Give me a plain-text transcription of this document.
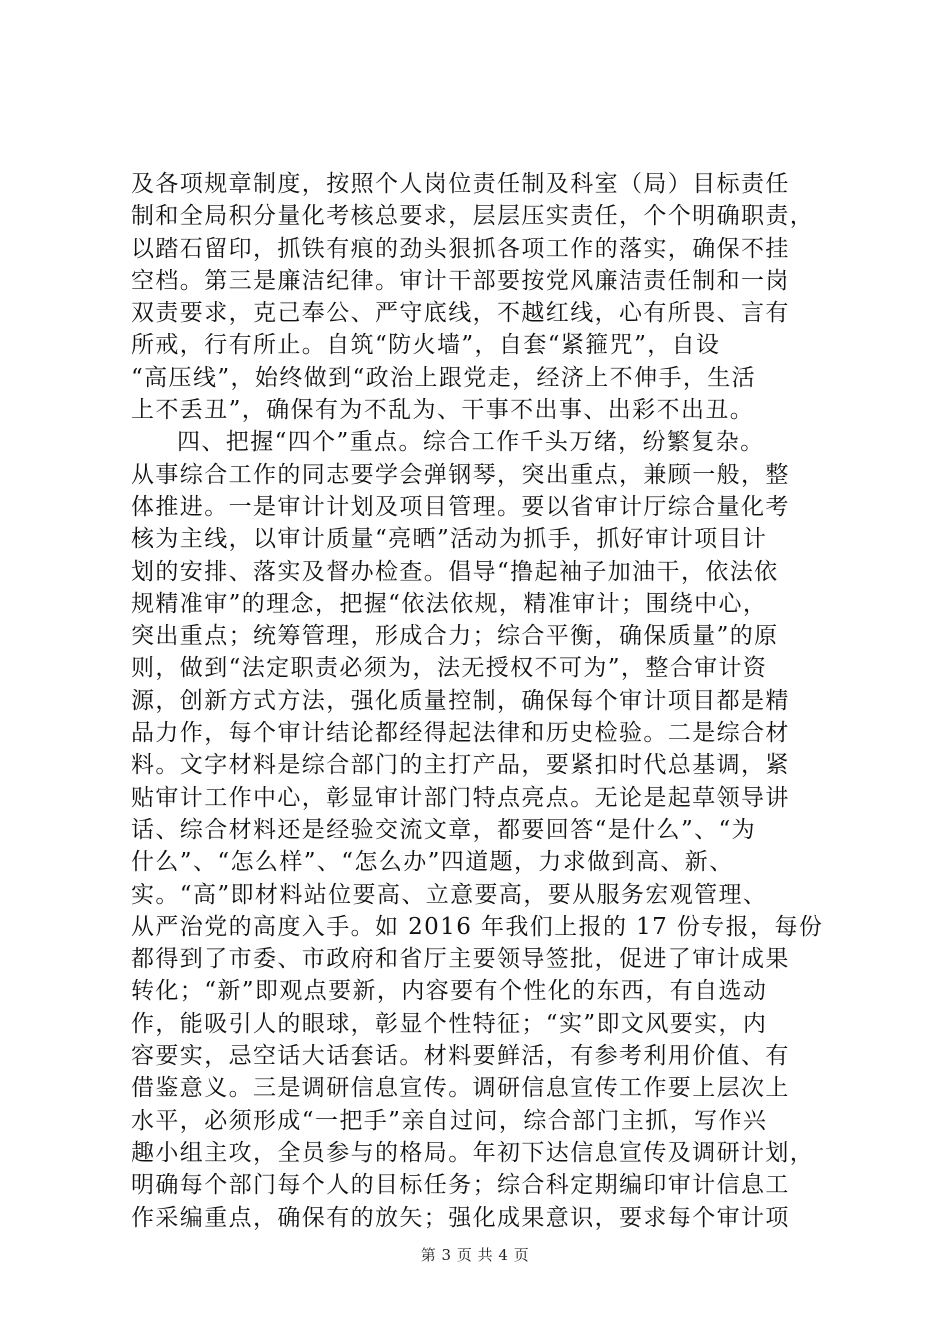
及各项规章制度，按照个人岗位责任制及科室（局）目标责任
制和全局积分量化考核总要求，层层压实责任，个个明确职责，
以踏石留印，抓铁有痕的劲头狠抓各项工作的落实，确保不挂
空档。第三是廉洁纪律。审计干部要按党风廉洁责任制和一岗
双责要求，克己奉公、严守底线，不越红线，心有所畏、言有
所戒，行有所止。自筑“防火墙”，自套“紧箍咒”，自设
“高压线”，始终做到“政治上跟党走，经济上不伸手，生活
上不丢丑”，确保有为不乱为、干事不出事、出彩不出丑。
四、把握“四个”重点。综合工作千头万绪，纷繁复杂。
从事综合工作的同志要学会弹钢琴，突出重点，兼顾一般，整
体推进。一是审计计划及项目管理。要以省审计厅综合量化考
核为主线，以审计质量“亮晒”活动为抓手，抓好审计项目计
划的安排、落实及督办检查。倡导“撸起袖子加油干，依法依
规精准审”的理念，把握“依法依规，精准审计；围绕中心，
突出重点；统筹管理，形成合力；综合平衡，确保质量”的原
则，做到“法定职责必须为，法无授权不可为”，整合审计资
源，创新方式方法，强化质量控制，确保每个审计项目都是精
品力作，每个审计结论都经得起法律和历史检验。二是综合材
料。文字材料是综合部门的主打产品，要紧扣时代总基调，紧
贴审计工作中心，彰显审计部门特点亮点。无论是起草领导讲
话、综合材料还是经验交流文章，都要回答“是什么”、“为
什么”、“怎么样”、“怎么办”四道题，力求做到高、新、
实。“高”即材料站位要高、立意要高，要从服务宏观管理、
从严治党的高度入手。如 2016 年我们上报的 17 份专报，每份
都得到了市委、市政府和省厅主要领导签批，促进了审计成果
转化；“新”即观点要新，内容要有个性化的东西，有自选动
作，能吸引人的眼球，彰显个性特征；“实”即文风要实，内
容要实，忌空话大话套话。材料要鲜活，有参考利用价值、有
借鉴意义。三是调研信息宣传。调研信息宣传工作要上层次上
水平，必须形成“一把手”亲自过问，综合部门主抓，写作兴
趣小组主攻，全员参与的格局。年初下达信息宣传及调研计划，
明确每个部门每个人的目标任务；综合科定期编印审计信息工
作采编重点，确保有的放矢；强化成果意识，要求每个审计项
第 3 页 共 4 页
